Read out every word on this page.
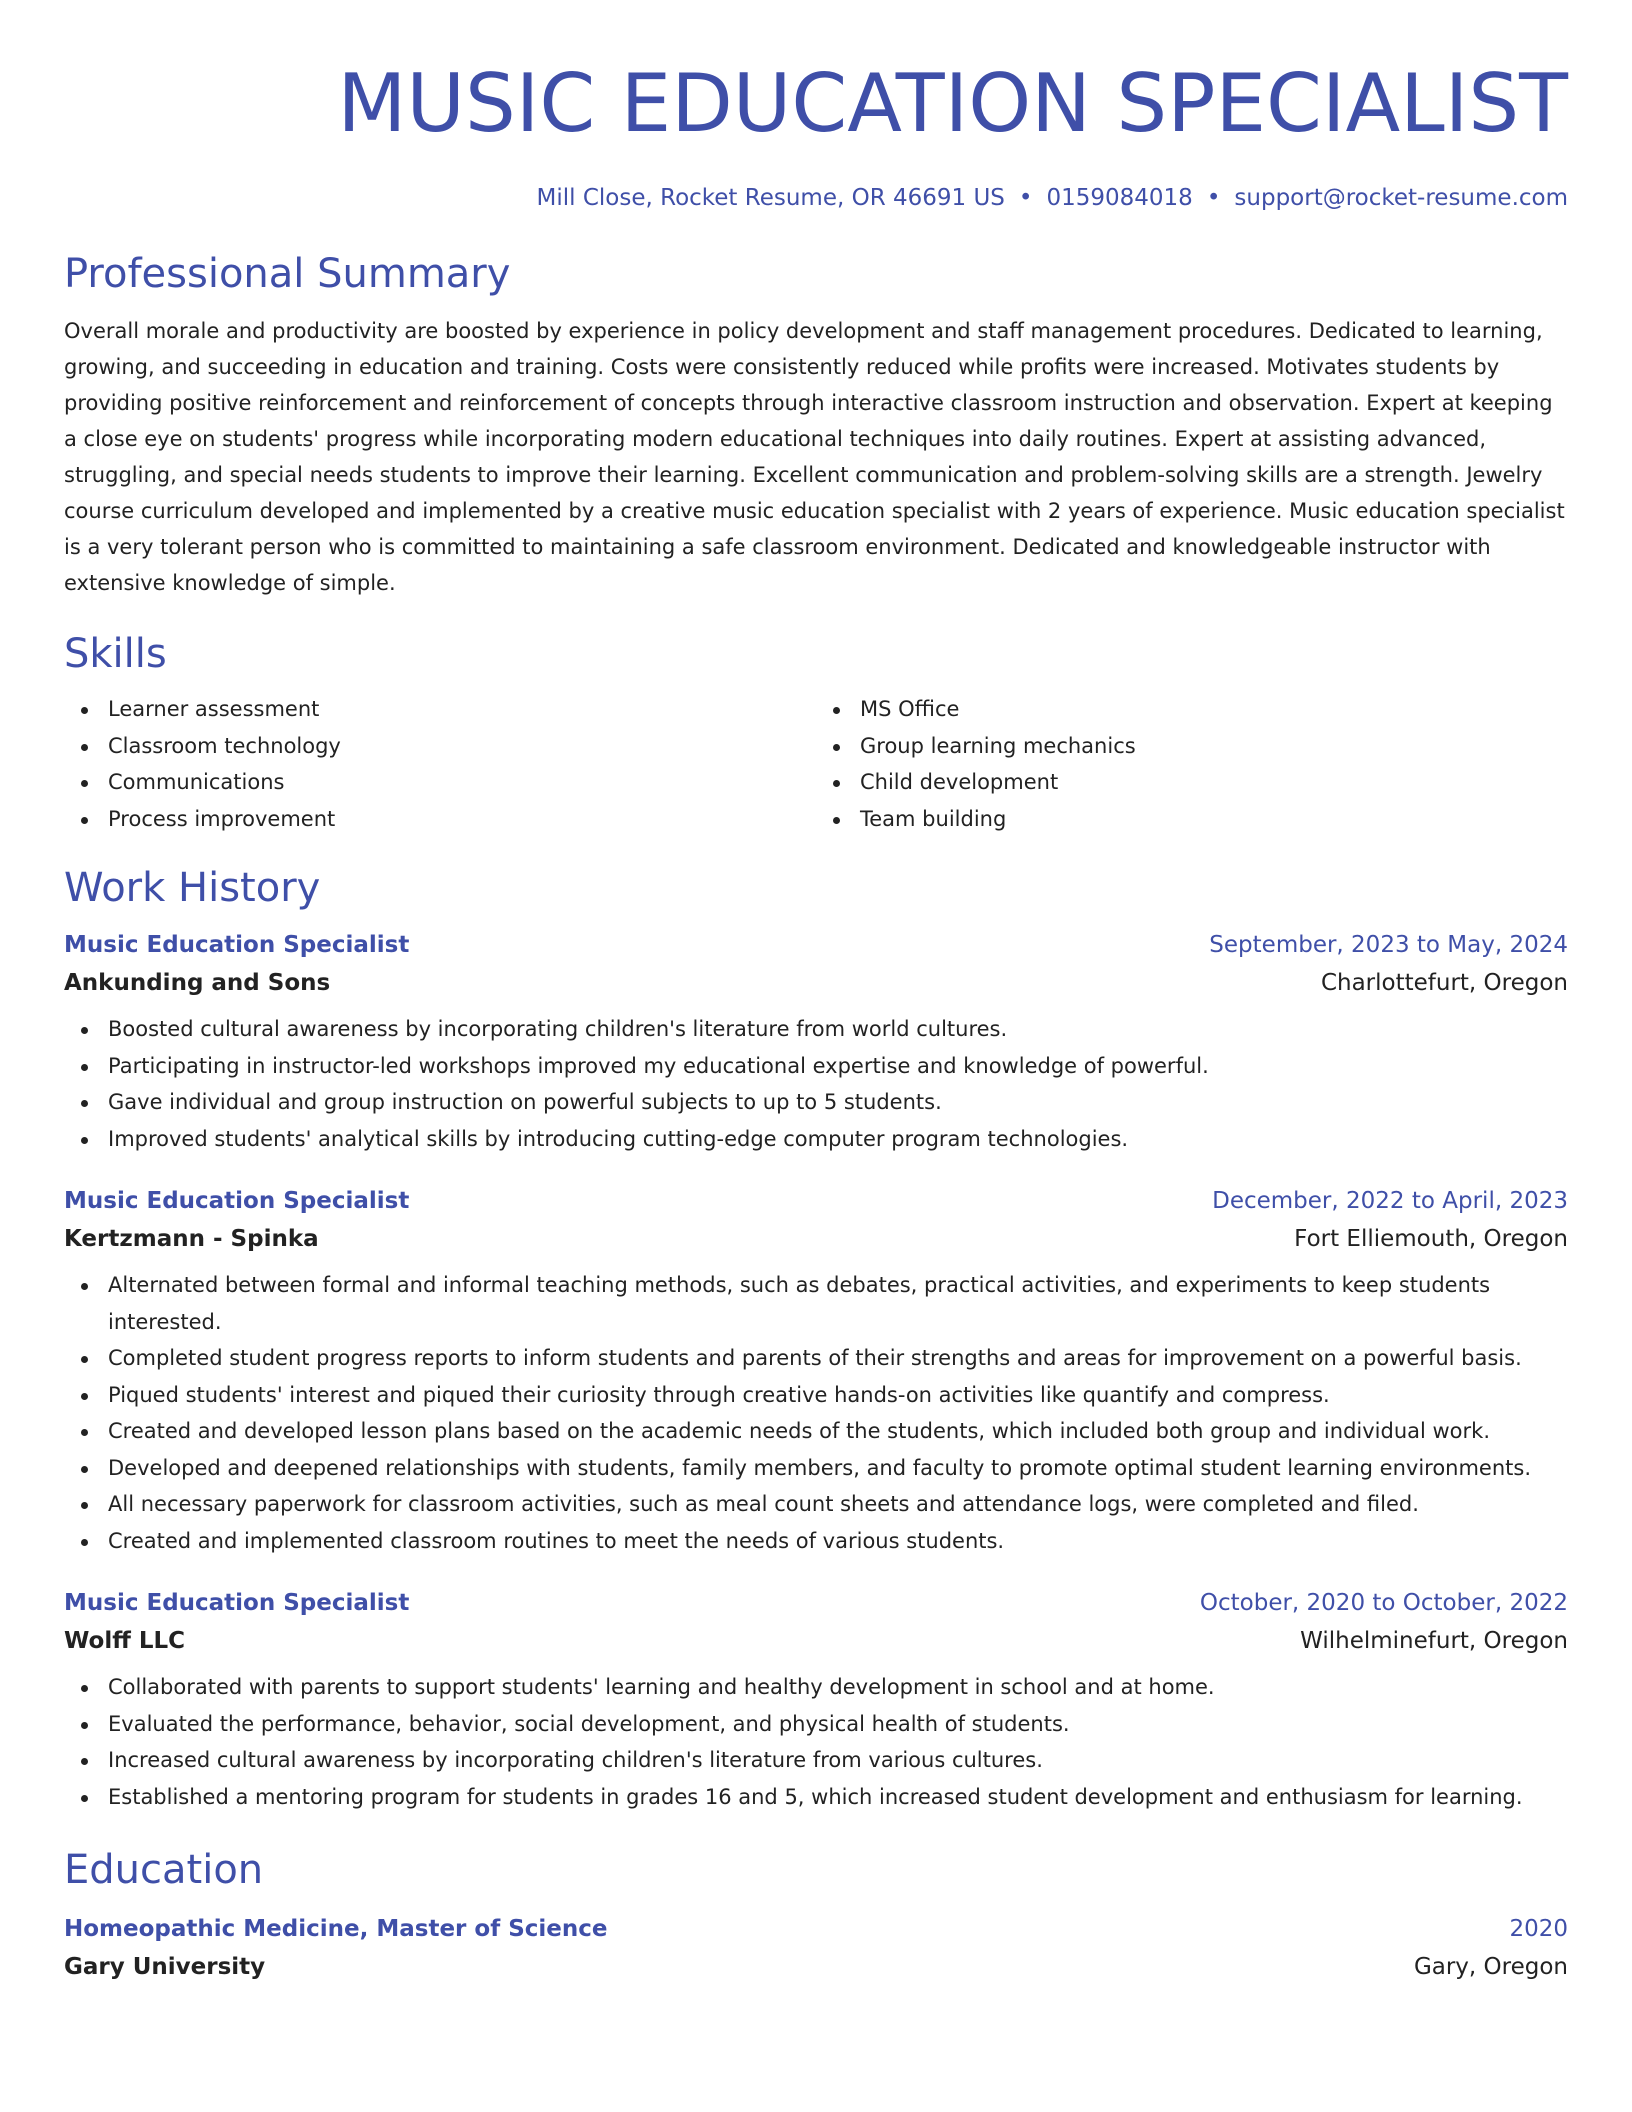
MUSIC EDUCATION SPECIALIST
Mill Close, Rocket Resume, OR 46691 US • 0159084018 • support@rocket-resume.com
Professional Summary

Overall morale and productivity are boosted by experience in policy development and staff management procedures. Dedicated to learning, growing, and succeeding in education and training. Costs were consistently reduced while profits were increased. Motivates students by providing positive reinforcement and reinforcement of concepts through interactive classroom instruction and observation. Expert at keeping a close eye on students' progress while incorporating modern educational techniques into daily routines. Expert at assisting advanced, struggling, and special needs students to improve their learning. Excellent communication and problem-solving skills are a strength. Jewelry course curriculum developed and implemented by a creative music education specialist with 2 years of experience. Music education specialist is a very tolerant person who is committed to maintaining a safe classroom environment. Dedicated and knowledgeable instructor with extensive knowledge of simple.

Skills
Learner assessment
Classroom technology
Communications
Process improvement
MS Office
Group learning mechanics
Child development
Team building
Work History
Music Education Specialist	September, 2023 to May, 2024
Ankunding and Sons	Charlottefurt, Oregon
Boosted cultural awareness by incorporating children's literature from world cultures.
Participating in instructor-led workshops improved my educational expertise and knowledge of powerful.
Gave individual and group instruction on powerful subjects to up to 5 students.
Improved students' analytical skills by introducing cutting-edge computer program technologies.
Music Education Specialist	December, 2022 to April, 2023
Kertzmann - Spinka	Fort Elliemouth, Oregon
Alternated between formal and informal teaching methods, such as debates, practical activities, and experiments to keep students interested.
Completed student progress reports to inform students and parents of their strengths and areas for improvement on a powerful basis.
Piqued students' interest and piqued their curiosity through creative hands-on activities like quantify and compress.
Created and developed lesson plans based on the academic needs of the students, which included both group and individual work.
Developed and deepened relationships with students, family members, and faculty to promote optimal student learning environments.
All necessary paperwork for classroom activities, such as meal count sheets and attendance logs, were completed and filed.
Created and implemented classroom routines to meet the needs of various students.
Music Education Specialist	October, 2020 to October, 2022
Wolff LLC	Wilhelminefurt, Oregon
Collaborated with parents to support students' learning and healthy development in school and at home.
Evaluated the performance, behavior, social development, and physical health of students.
Increased cultural awareness by incorporating children's literature from various cultures.
Established a mentoring program for students in grades 16 and 5, which increased student development and enthusiasm for learning.
Education
Homeopathic Medicine, Master of Science	2020
Gary University	Gary, Oregon
